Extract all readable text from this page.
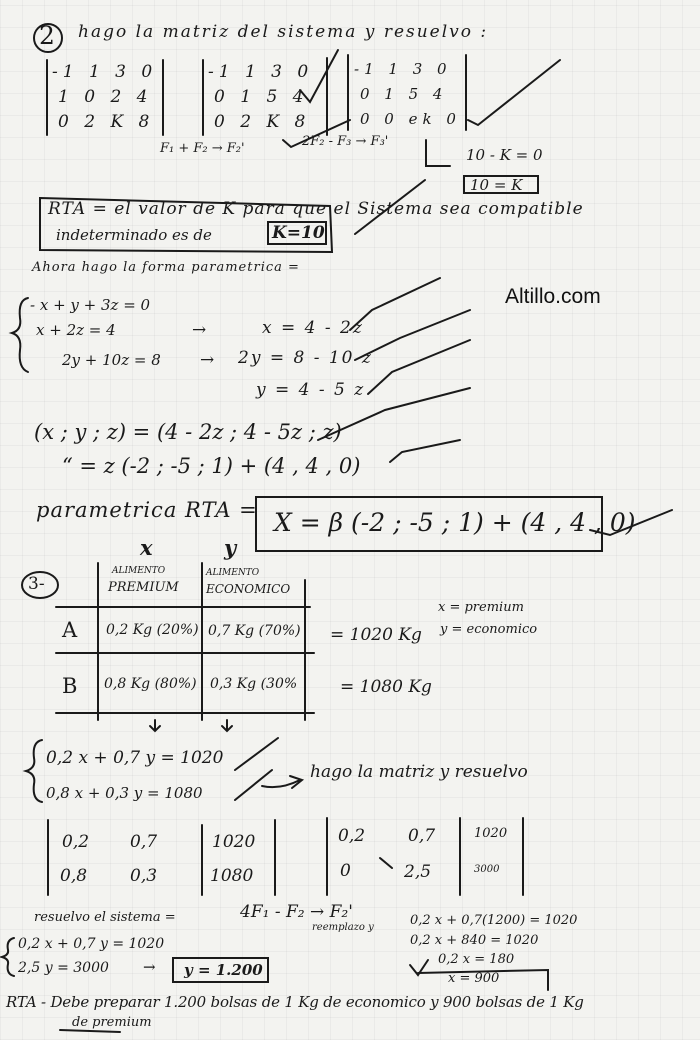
2 hago la matriz del sistema y resuelvo :
-1 1 3 0
1 0 2 4
0 2 K 8
-1 1 3 0
0 1 5 4
0 2 K 8
-1 1 3 0
0 1 5 4
0 0 ek 0
F₁ + F₂ → F₂'	2F₂ - F₃ → F₃'
10 - K = 0
10 = K
RTA = el valor de K para que el Sistema sea compatible
indeterminado es de	K=10
Ahora hago la forma parametrica =
Altillo.com
- x + y + 3z = 0
x + 2z = 4
2y + 10z = 8
→
→
x = 4 - 2z
2y = 8 - 10 z
y = 4 - 5 z
(x ; y ; z) = (4 - 2z ; 4 - 5z ; z)
“ = z (-2 ; -5 ; 1) + (4 , 4 , 0)
parametrica RTA = X = β (-2 ; -5 ; 1) + (4 , 4 , 0)
3-
x	y
ALIMENTO
PREMIUM
ALIMENTO
ECONOMICO
A 0,2 Kg (20%) 0,7 Kg (70%) = 1020 Kg
B 0,8 Kg (80%) 0,3 Kg (30%	= 1080 Kg
x = premium
y = economico
0,2 x + 0,7 y = 1020
0,8 x + 0,3 y = 1080
hago la matriz y resuelvo
0,2 0,7	1020
0,8	0,3	1080
0,2	0,7	1020
0	2,5	3000
4F₁ - F₂ → F₂'
resuelvo el sistema =
0,2 x + 0,7 y = 1020
2,5 y = 3000 → y = 1.200
reemplazo y	0,2 x + 0,7(1200) = 1020
0,2 x + 840 = 1020
0,2 x = 180
x = 900
RTA - Debe preparar 1.200 bolsas de 1 Kg de economico y 900 bolsas de 1 Kg
de premium
